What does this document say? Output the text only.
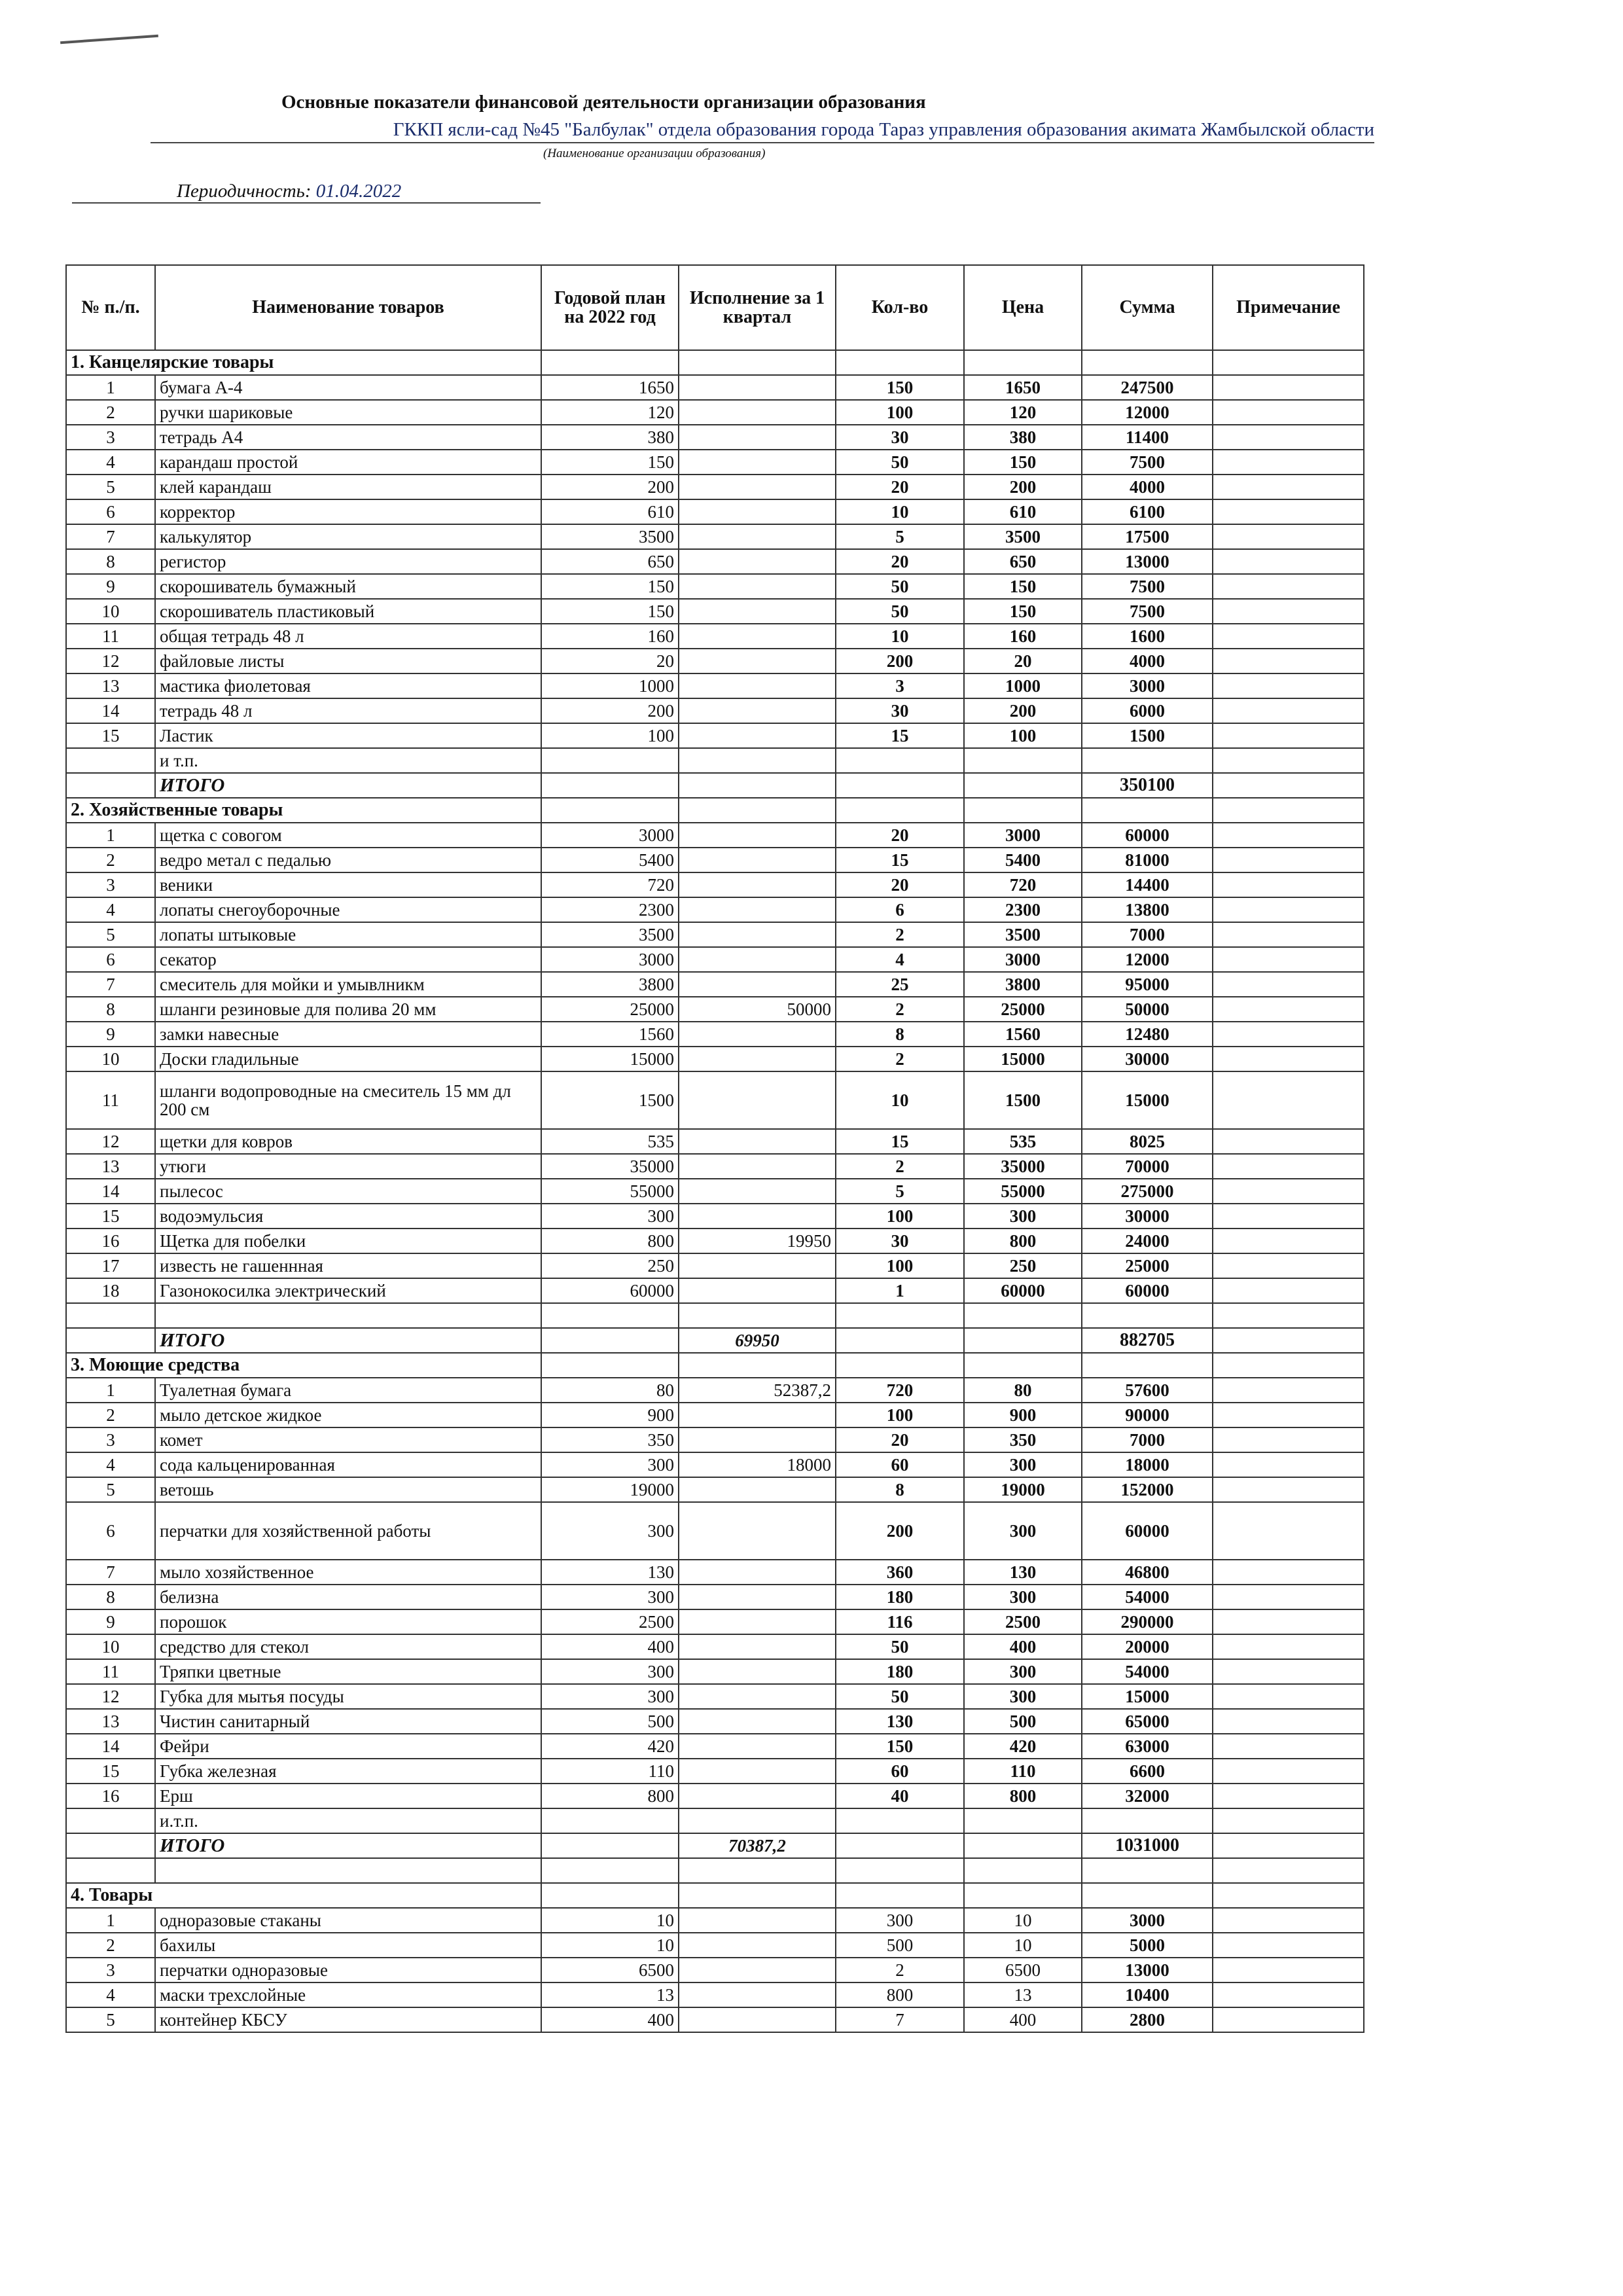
Основные показатели финансовой деятельности организации образования
ГККП ясли-сад №45 "Балбулак" отдела образования города Тараз управления образования акимата Жамбылской области
(Наименование организации образования)
Периодичность: 01.04.2022
№ п./п.	Наименование товаров	Годовой план на 2022 год	Исполнение за 1 квартал	Кол-во	Цена	Сумма	Примечание
1. Канцелярские товары							
1	бумага А-4	1650		150	1650	247500	
2	ручки шариковые	120		100	120	12000	
3	тетрадь А4	380		30	380	11400	
4	карандаш простой	150		50	150	7500	
5	клей карандаш	200		20	200	4000	
6	корректор	610		10	610	6100	
7	калькулятор	3500		5	3500	17500	
8	регистор	650		20	650	13000	
9	скорошиватель бумажный	150		50	150	7500	
10	скорошиватель пластиковый	150		50	150	7500	
11	общая тетрадь 48 л	160		10	160	1600	
12	файловые листы	20		200	20	4000	
13	мастика фиолетовая	1000		3	1000	3000	
14	тетрадь 48 л	200		30	200	6000	
15	Ластик	100		15	100	1500	
	и т.п.						
	ИТОГО					350100	
2. Хозяйственные товары							
1	щетка с совогом	3000		20	3000	60000	
2	ведро метал с педалью	5400		15	5400	81000	
3	веники	720		20	720	14400	
4	лопаты снегоуборочные	2300		6	2300	13800	
5	лопаты штыковые	3500		2	3500	7000	
6	секатор	3000		4	3000	12000	
7	смеситель для мойки и умывлникм	3800		25	3800	95000	
8	шланги резиновые для полива 20 мм	25000	50000	2	25000	50000	
9	замки навесные	1560		8	1560	12480	
10	Доски гладильные	15000		2	15000	30000	
11	шланги водопроводные на смеситель 15 мм дл 200 см	1500		10	1500	15000	
12	щетки для ковров	535		15	535	8025	
13	утюги	35000		2	35000	70000	
14	пылесос	55000		5	55000	275000	
15	водоэмульсия	300		100	300	30000	
16	Щетка для побелки	800	19950	30	800	24000	
17	известь не гашеннная	250		100	250	25000	
18	Газонокосилка электрический	60000		1	60000	60000	

	ИТОГО		69950			882705	
3. Моющие средства							
1	Туалетная бумага	80	52387,2	720	80	57600	
2	мыло детское жидкое	900		100	900	90000	
3	комет	350		20	350	7000	
4	сода кальценированная	300	18000	60	300	18000	
5	ветошь	19000		8	19000	152000	
6	перчатки для хозяйственной работы	300		200	300	60000	
7	мыло хозяйственное	130		360	130	46800	
8	белизна	300		180	300	54000	
9	порошок	2500		116	2500	290000	
10	средство для стекол	400		50	400	20000	
11	Тряпки цветные	300		180	300	54000	
12	Губка для мытья посуды	300		50	300	15000	
13	Чистин санитарный	500		130	500	65000	
14	Фейри	420		150	420	63000	
15	Губка железная	110		60	110	6600	
16	Ерш	800		40	800	32000	
	и.т.п.						
	ИТОГО		70387,2			1031000	

4. Товары							
1	одноразовые стаканы	10		300	10	3000	
2	бахилы	10		500	10	5000	
3	перчатки одноразовые	6500		2	6500	13000	
4	маски трехслойные	13		800	13	10400	
5	контейнер КБСУ	400		7	400	2800	
